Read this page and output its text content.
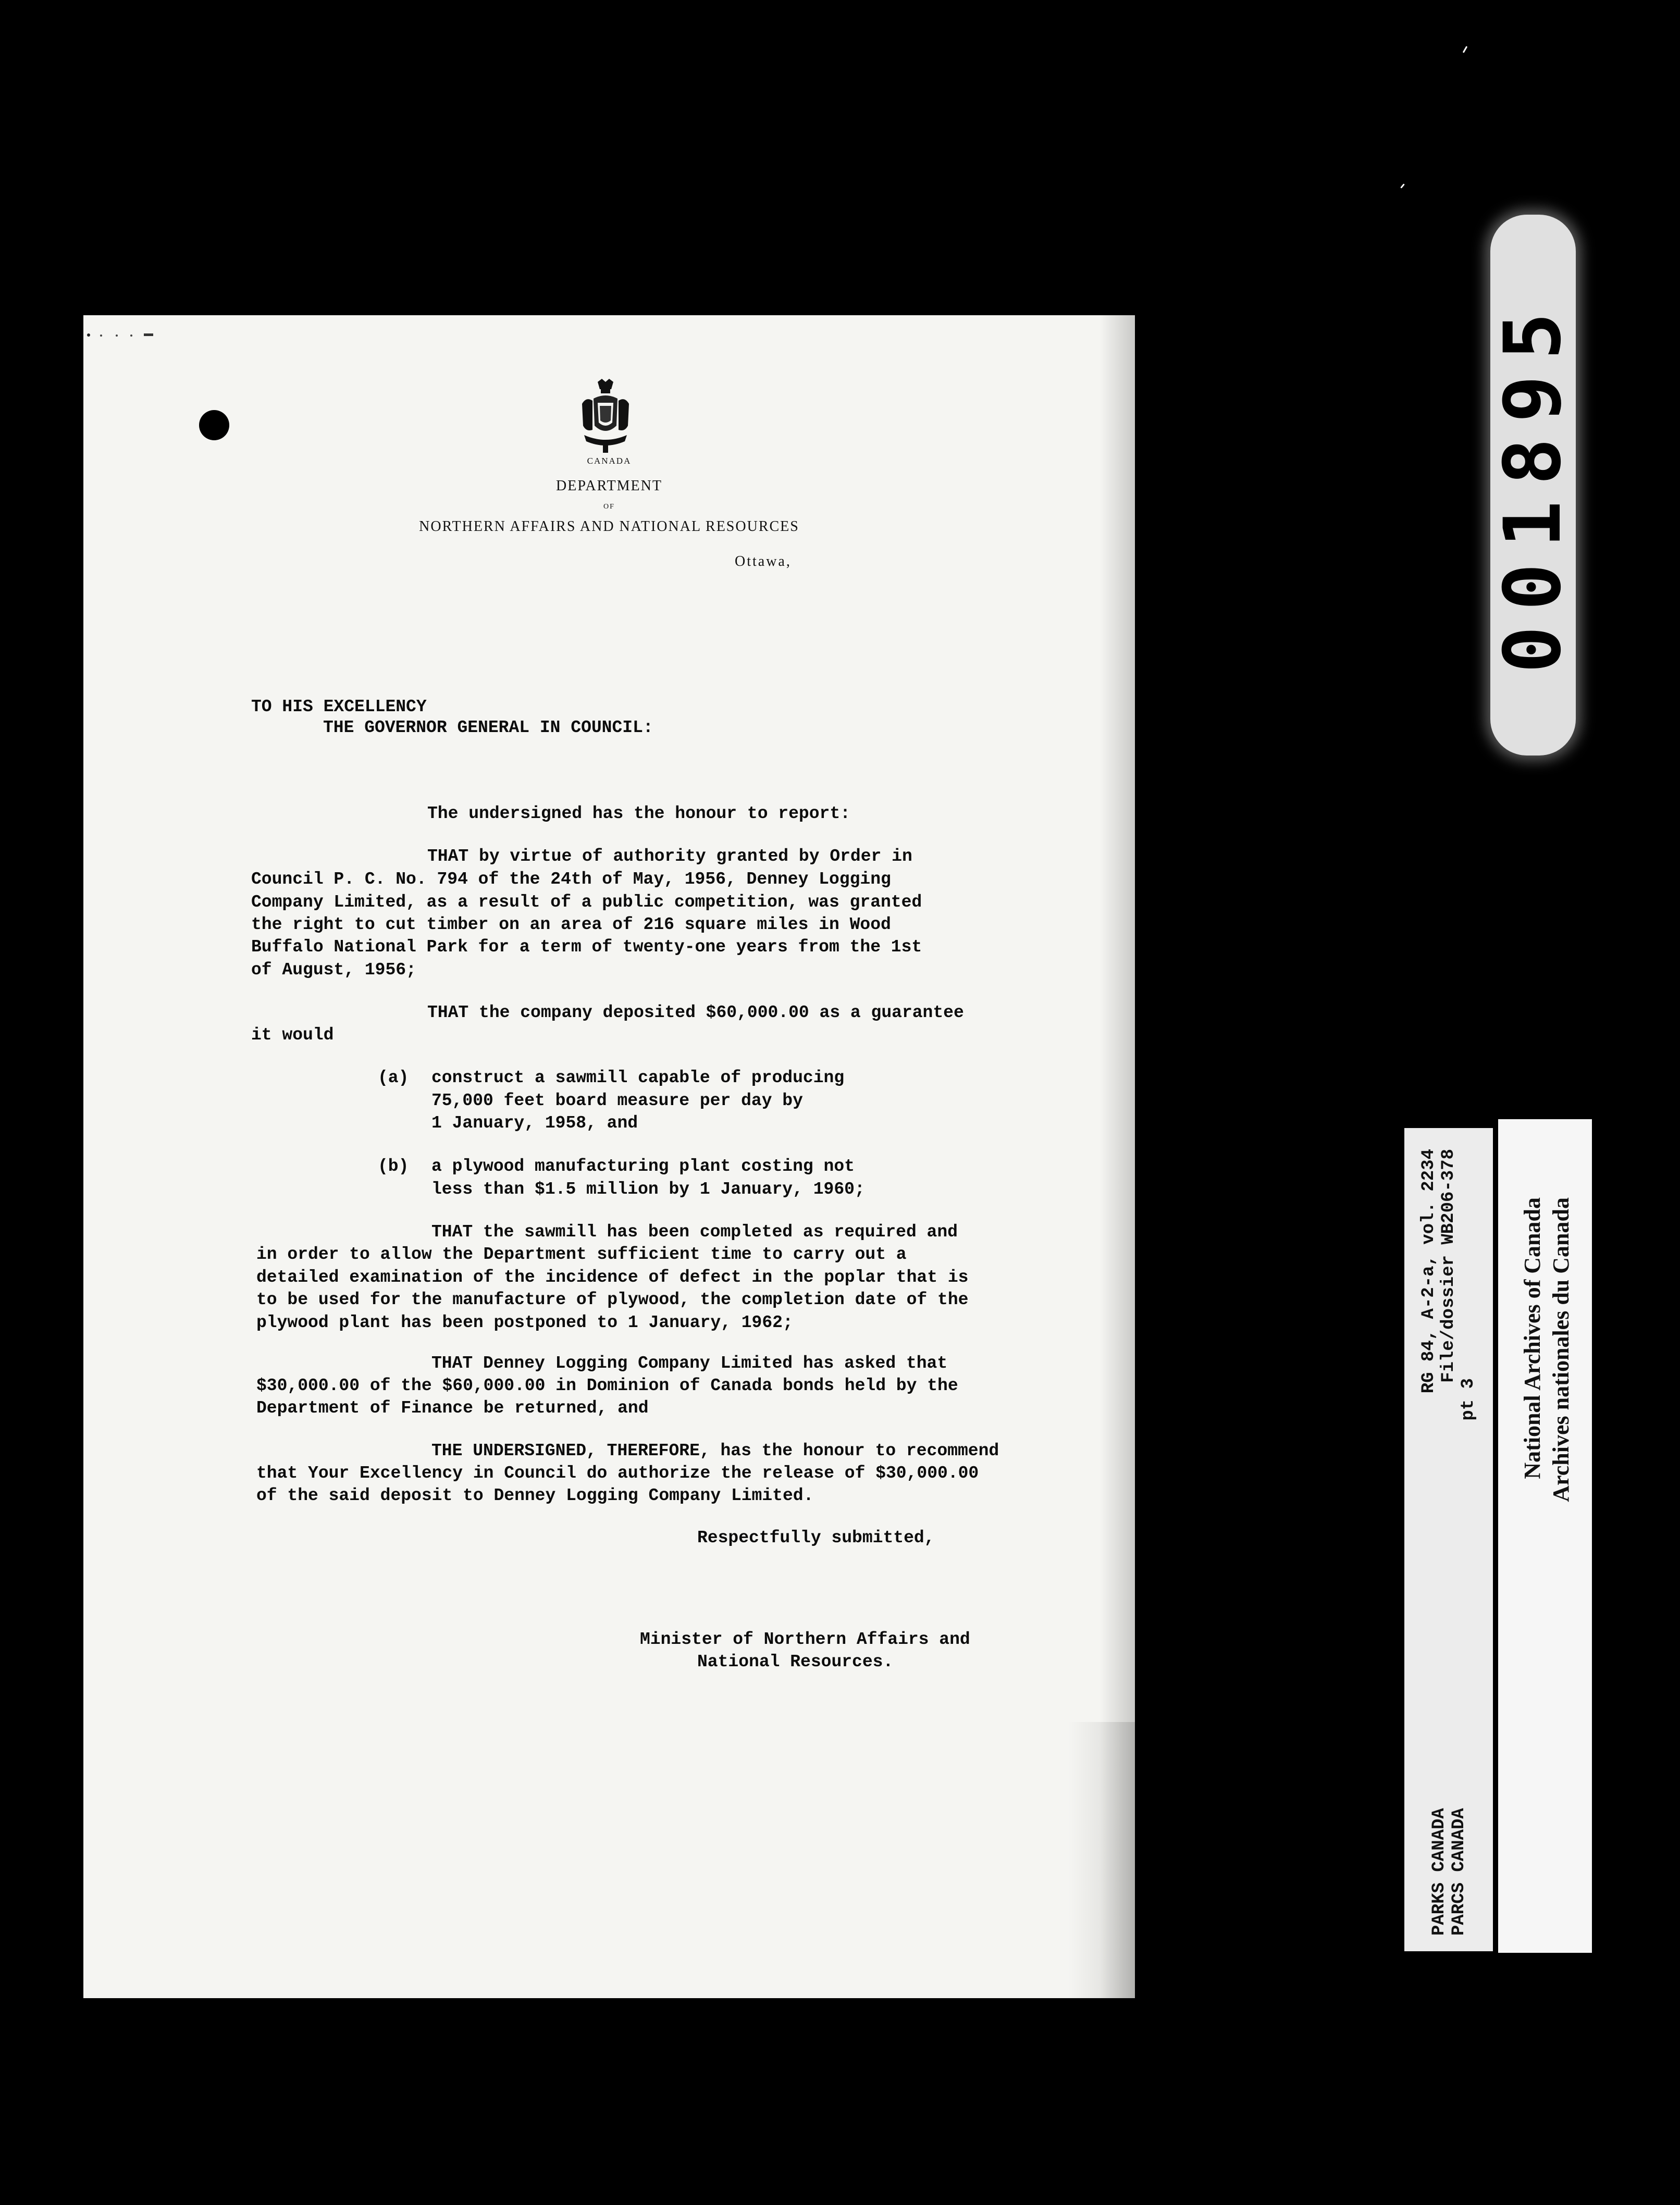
CANADA
DEPARTMENT
OF
NORTHERN AFFAIRS AND NATIONAL RESOURCES
Ottawa,
TO HIS EXCELLENCY
THE GOVERNOR GENERAL IN COUNCIL:
The undersigned has the honour to report:
THAT by virtue of authority granted by Order in
Council P. C. No. 794 of the 24th of May, 1956, Denney Logging
Company Limited, as a result of a public competition, was granted
the right to cut timber on an area of 216 square miles in Wood
Buffalo National Park for a term of twenty-one years from the 1st
of August, 1956;
THAT the company deposited $60,000.00 as a guarantee
it would
(a) construct a sawmill capable of producing
75,000 feet board measure per day by
1 January, 1958, and
(b) a plywood manufacturing plant costing not
less than $1.5 million by 1 January, 1960;
THAT the sawmill has been completed as required and
in order to allow the Department sufficient time to carry out a
detailed examination of the incidence of defect in the poplar that is
to be used for the manufacture of plywood, the completion date of the
plywood plant has been postponed to 1 January, 1962;
THAT Denney Logging Company Limited has asked that
$30,000.00 of the $60,000.00 in Dominion of Canada bonds held by the
Department of Finance be returned, and
THE UNDERSIGNED, THEREFORE, has the honour to recommend
that Your Excellency in Council do authorize the release of $30,000.00
of the said deposit to Denney Logging Company Limited.
Respectfully submitted,
Minister of Northern Affairs and
National Resources.
001895
RG 84, A-2-a, vol. 2234 File/dossier WB206-378
pt 3
PARKS CANADA PARCS CANADA
National Archives of Canada Archives nationales du Canada
